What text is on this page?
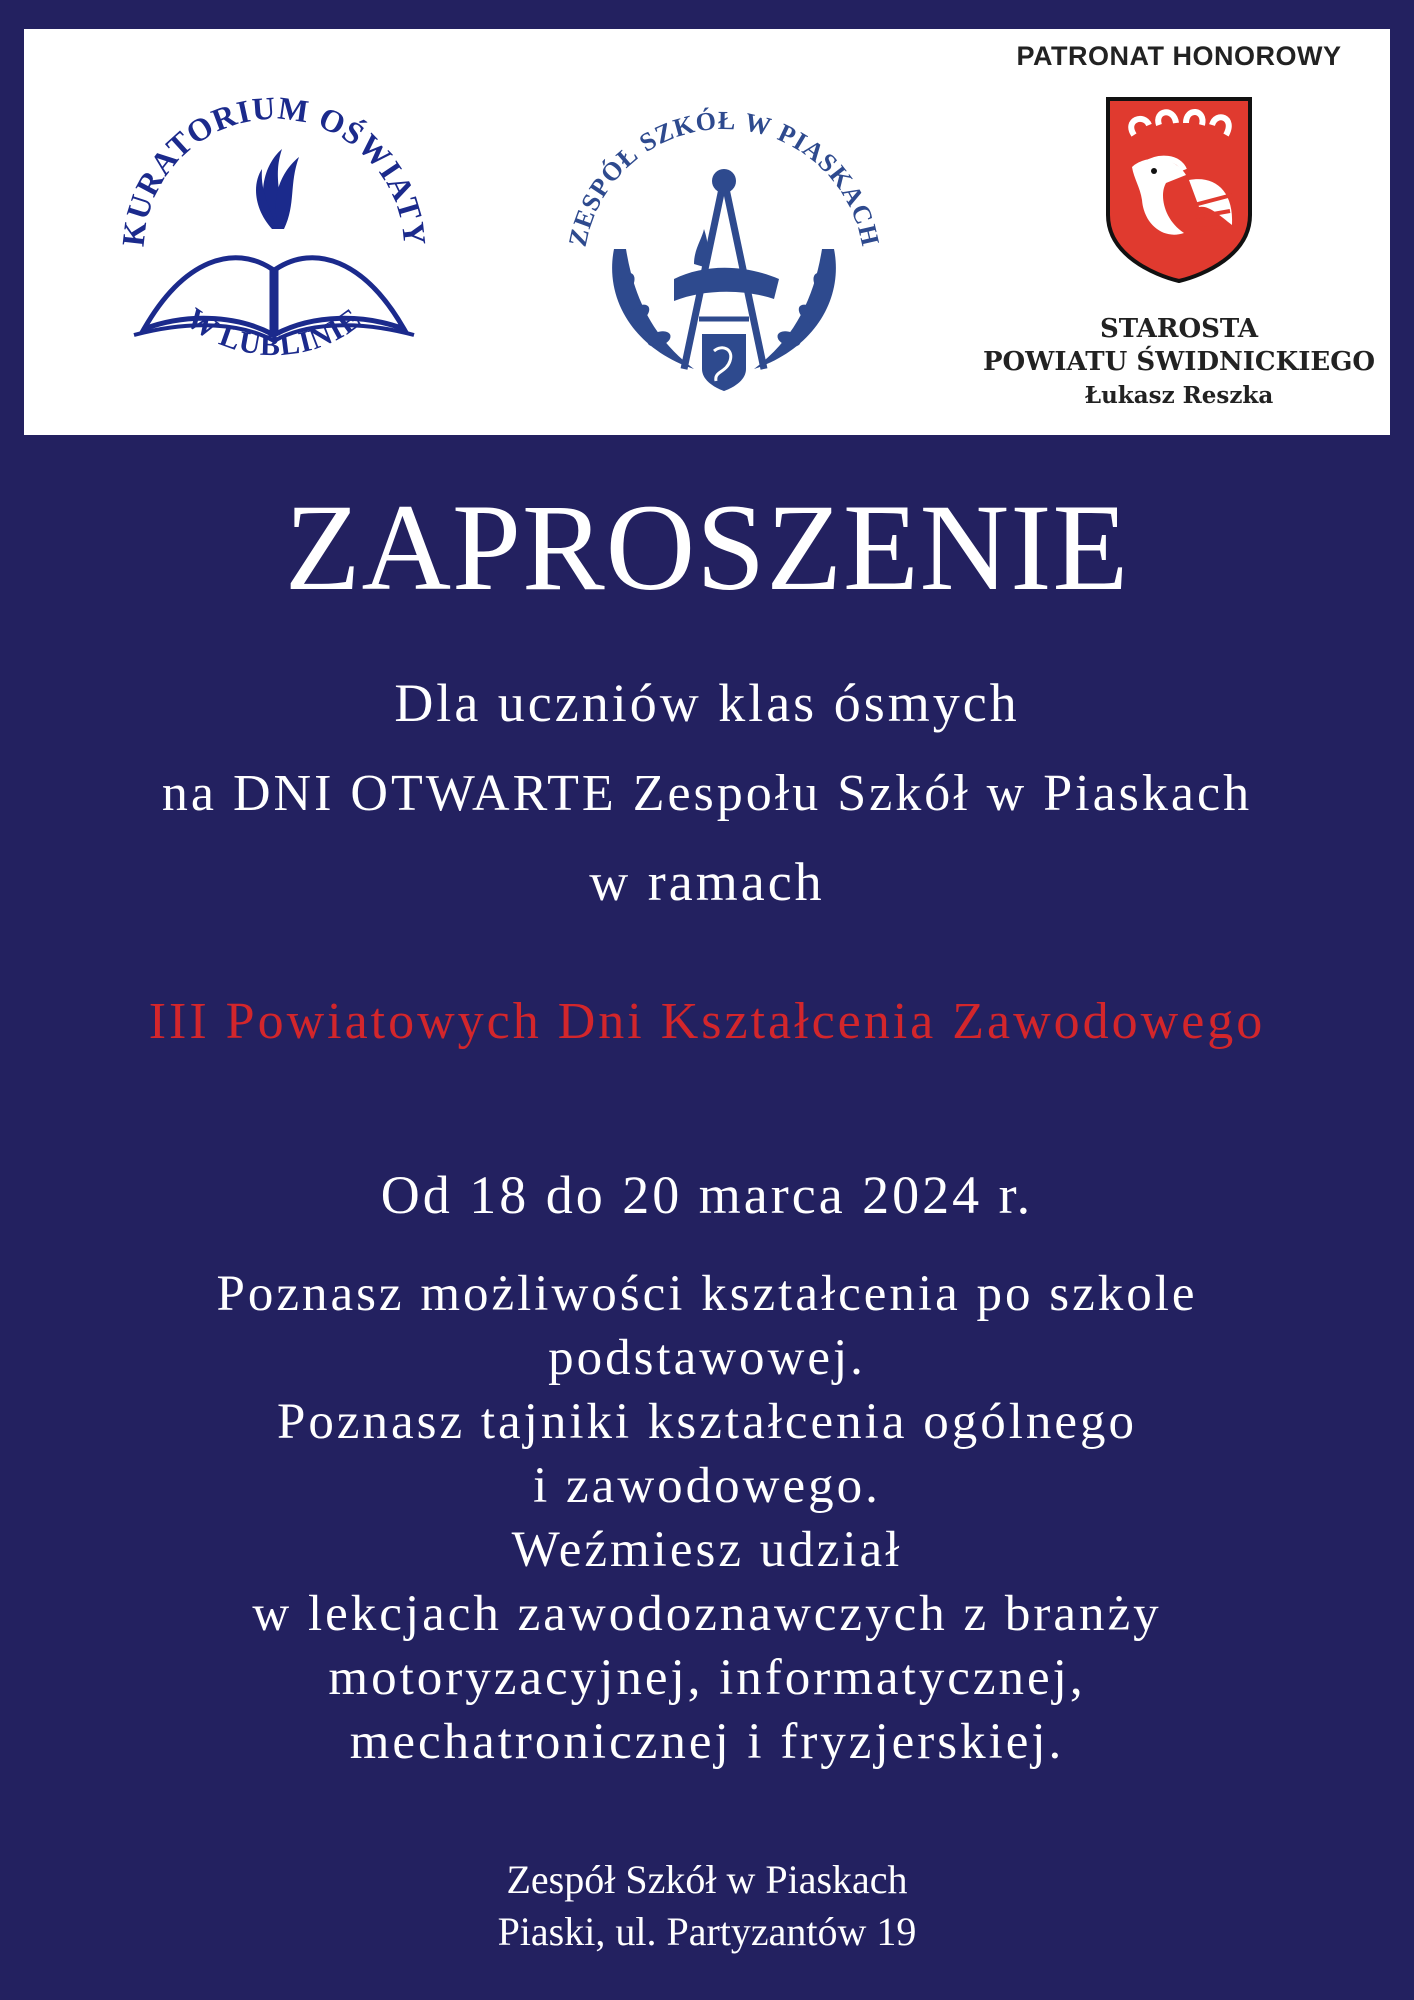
KURATORIUM OŚWIATY
W LUBLINIE
ZESPÓŁ SZKÓŁ W PIASKACH
PATRONAT HONOROWY
STAROSTA
POWIATU ŚWIDNICKIEGO
Łukasz Reszka
ZAPROSZENIE
Dla uczniów klas ósmych
na DNI OTWARTE Zespołu Szkół w Piaskach
w ramach
III Powiatowych Dni Kształcenia Zawodowego
Od 18 do 20 marca 2024 r.
Poznasz możliwości kształcenia po szkole
podstawowej.
Poznasz tajniki kształcenia ogólnego
i zawodowego.
Weźmiesz udział
w lekcjach zawodoznawczych z branży
motoryzacyjnej, informatycznej,
mechatronicznej i fryzjerskiej.
Zespół Szkół w Piaskach
Piaski, ul. Partyzantów 19
